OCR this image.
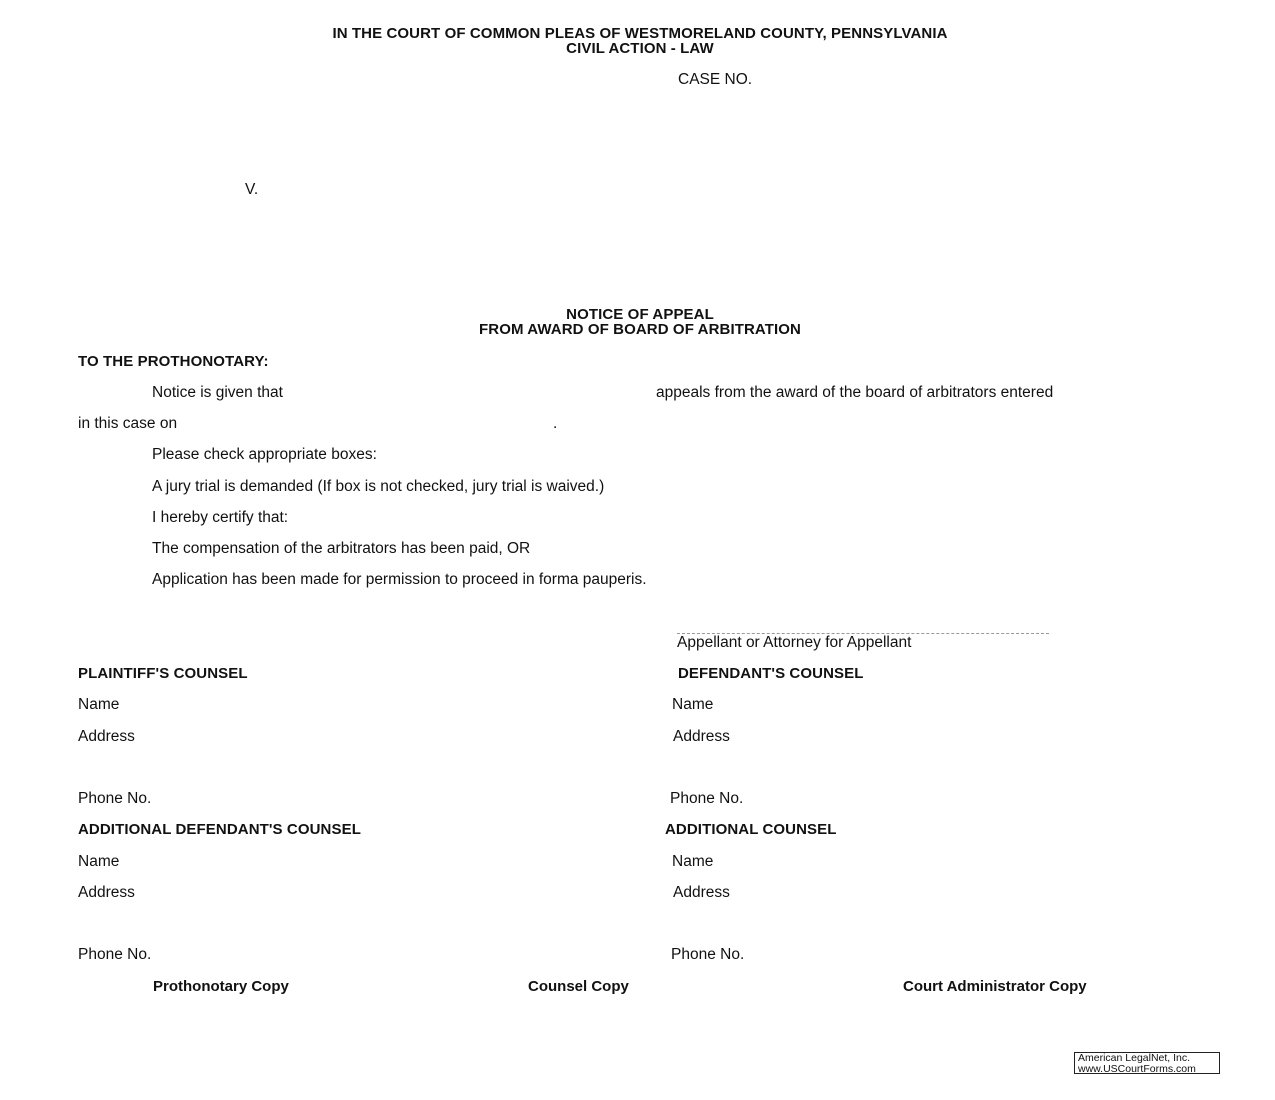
IN THE COURT OF COMMON PLEAS OF WESTMORELAND COUNTY, PENNSYLVANIA
CIVIL ACTION - LAW
CASE NO.
V.
NOTICE OF APPEAL
FROM AWARD OF BOARD OF ARBITRATION
TO THE PROTHONOTARY:
Notice is given that	appeals from the award of the board of arbitrators entered
in this case on	.
Please check appropriate boxes:
A jury trial is demanded (If box is not checked, jury trial is waived.)
I hereby certify that:
The compensation of the arbitrators has been paid, OR
Application has been made for permission to proceed in forma pauperis.
Appellant or Attorney for Appellant
PLAINTIFF'S COUNSEL
Name
Address
Phone No.
DEFENDANT'S COUNSEL
Name
Address
Phone No.
ADDITIONAL DEFENDANT'S COUNSEL
Name
Address
Phone No.
ADDITIONAL COUNSEL
Name
Address
Phone No.
Prothonotary Copy	Counsel Copy	Court Administrator Copy
American LegalNet, Inc.
www.USCourtForms.com
